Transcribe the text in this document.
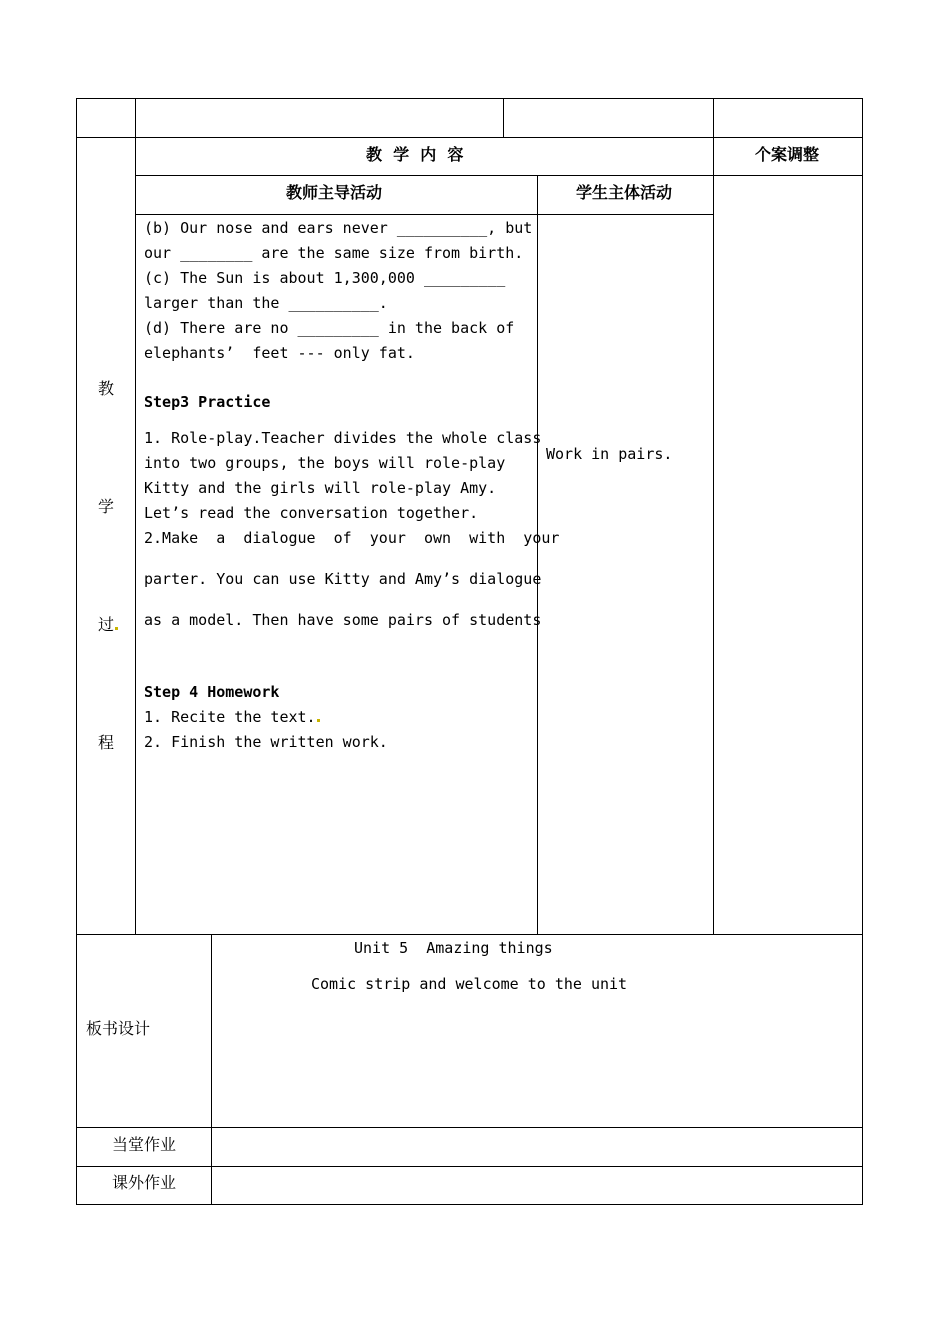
教  学  内  容	个案调整
教师主导活动	学生主体活动
教
学
过
程
(b) Our nose and ears never __________, but
our ________ are the same size from birth.
(c) The Sun is about 1,300,000 _________
larger than the __________.
(d) There are no _________ in the back of
elephants’  feet --- only fat.
Step3 Practice
1. Role-play.Teacher divides the whole class
into two groups, the boys will role-play
Kitty and the girls will role-play Amy.
Let’s read the conversation together.
2.Make  a  dialogue  of  your  own  with  your
parter. You can use Kitty and Amy’s dialogue
as a model. Then have some pairs of students
Step 4 Homework
1. Recite the text.
2. Finish the written work.
Work in pairs.
板书设计
Unit 5  Amazing things
Comic strip and welcome to the unit
当堂作业
课外作业
